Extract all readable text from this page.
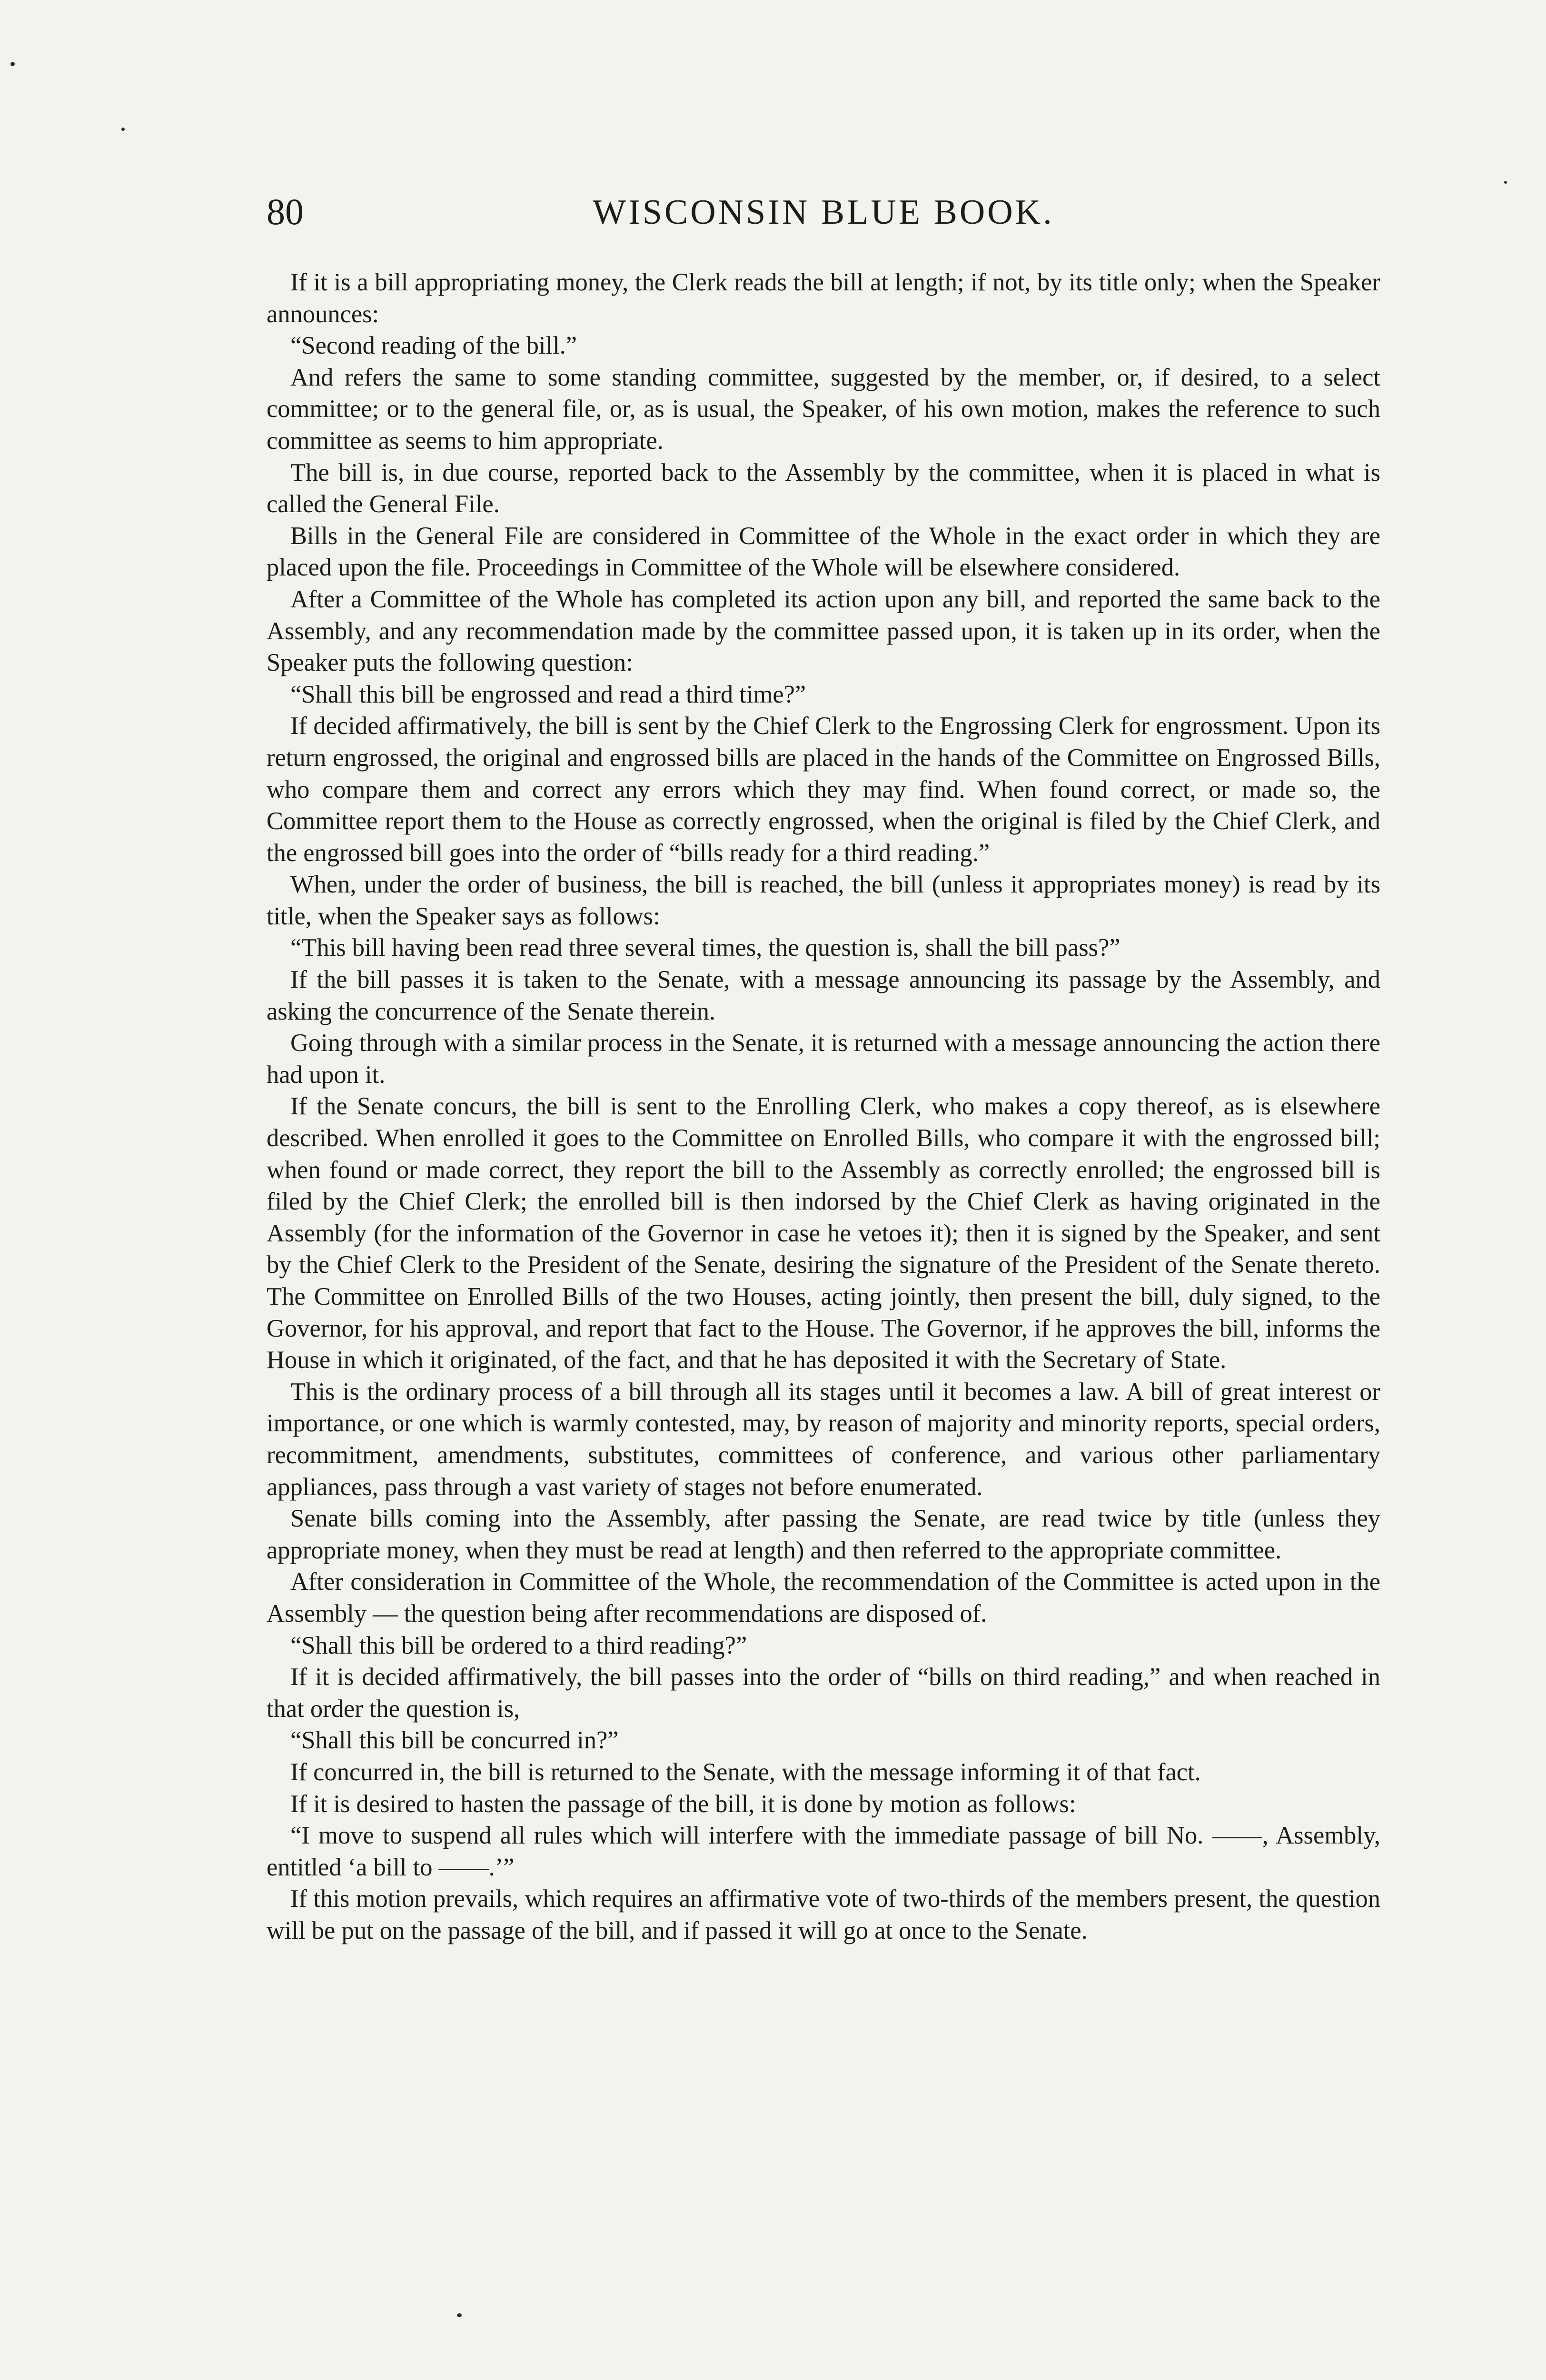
80	WISCONSIN BLUE BOOK.

If it is a bill appropriating money, the Clerk reads the bill at length; if not, by its title only; when the Speaker announces:

“Second reading of the bill.”

And refers the same to some standing committee, suggested by the member, or, if desired, to a select committee; or to the general file, or, as is usual, the Speaker, of his own motion, makes the reference to such committee as seems to him appropriate.

The bill is, in due course, reported back to the Assembly by the committee, when it is placed in what is called the General File.

Bills in the General File are considered in Committee of the Whole in the exact order in which they are placed upon the file. Proceedings in Committee of the Whole will be elsewhere considered.

After a Committee of the Whole has completed its action upon any bill, and reported the same back to the Assembly, and any recommendation made by the committee passed upon, it is taken up in its order, when the Speaker puts the following question:

“Shall this bill be engrossed and read a third time?”

If decided affirmatively, the bill is sent by the Chief Clerk to the Engrossing Clerk for engrossment. Upon its return engrossed, the original and engrossed bills are placed in the hands of the Committee on Engrossed Bills, who compare them and correct any errors which they may find. When found correct, or made so, the Committee report them to the House as correctly engrossed, when the original is filed by the Chief Clerk, and the engrossed bill goes into the order of “bills ready for a third reading.”

When, under the order of business, the bill is reached, the bill (unless it appropriates money) is read by its title, when the Speaker says as follows:

“This bill having been read three several times, the question is, shall the bill pass?”

If the bill passes it is taken to the Senate, with a message announcing its passage by the Assembly, and asking the concurrence of the Senate therein.

Going through with a similar process in the Senate, it is returned with a message announcing the action there had upon it.

If the Senate concurs, the bill is sent to the Enrolling Clerk, who makes a copy thereof, as is elsewhere described. When enrolled it goes to the Committee on Enrolled Bills, who compare it with the engrossed bill; when found or made correct, they report the bill to the Assembly as correctly enrolled; the engrossed bill is filed by the Chief Clerk; the enrolled bill is then indorsed by the Chief Clerk as having originated in the Assembly (for the information of the Governor in case he vetoes it); then it is signed by the Speaker, and sent by the Chief Clerk to the President of the Senate, desiring the signature of the President of the Senate thereto. The Committee on Enrolled Bills of the two Houses, acting jointly, then present the bill, duly signed, to the Governor, for his approval, and report that fact to the House. The Governor, if he approves the bill, informs the House in which it originated, of the fact, and that he has deposited it with the Secretary of State.

This is the ordinary process of a bill through all its stages until it becomes a law. A bill of great interest or importance, or one which is warmly contested, may, by reason of majority and minority reports, special orders, recommitment, amendments, substitutes, committees of conference, and various other parliamentary appliances, pass through a vast variety of stages not before enumerated.

Senate bills coming into the Assembly, after passing the Senate, are read twice by title (unless they appropriate money, when they must be read at length) and then referred to the appropriate committee.

After consideration in Committee of the Whole, the recommendation of the Committee is acted upon in the Assembly — the question being after recommendations are disposed of.

“Shall this bill be ordered to a third reading?”

If it is decided affirmatively, the bill passes into the order of “bills on third reading,” and when reached in that order the question is,

“Shall this bill be concurred in?”

If concurred in, the bill is returned to the Senate, with the message informing it of that fact.

If it is desired to hasten the passage of the bill, it is done by motion as follows:

“I move to suspend all rules which will interfere with the immediate passage of bill No. ——, Assembly, entitled ‘a bill to ——.’”

If this motion prevails, which requires an affirmative vote of two-thirds of the members present, the question will be put on the passage of the bill, and if passed it will go at once to the Senate.
